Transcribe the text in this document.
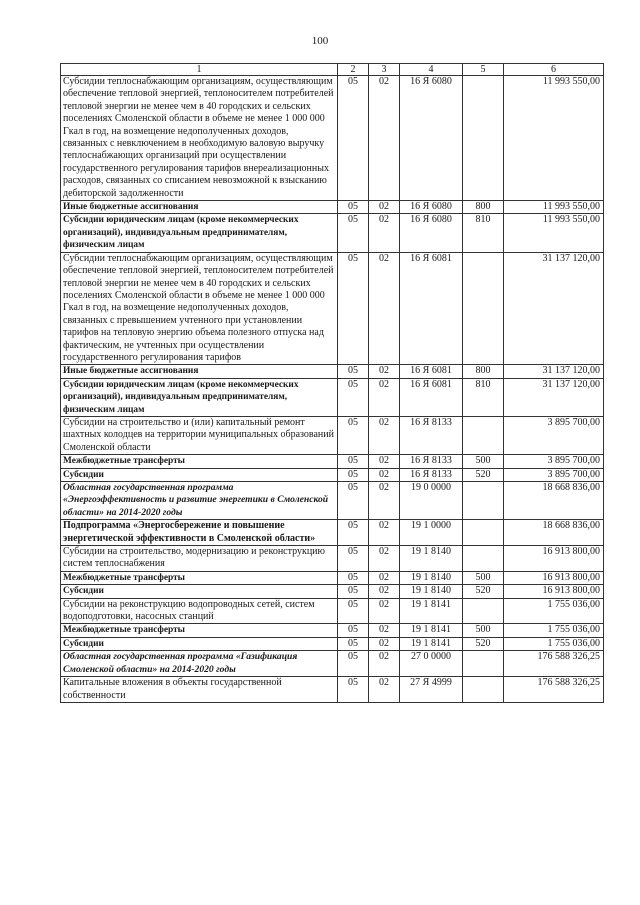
100
1	2	3	4	5	6
Субсидии теплоснабжающим организациям, осуществляющим обеспечение тепловой энергией, теплоносителем потребителей тепловой энергии не менее чем в 40 городских и сельских поселениях Смоленской области в объеме не менее 1 000 000 Гкал в год, на возмещение недополученных доходов, связанных с невключением в необходимую валовую выручку теплоснабжающих организаций при осуществлении государственного регулирования тарифов внереализационных расходов, связанных со списанием невозможной к взысканию дебиторской задолженности	05	02	16 Я 6080		11 993 550,00
Иные бюджетные ассигнования	05	02	16 Я 6080	800	11 993 550,00
Субсидии юридическим лицам (кроме некоммерческих организаций), индивидуальным предпринимателям, физическим лицам	05	02	16 Я 6080	810	11 993 550,00
Субсидии теплоснабжающим организациям, осуществляющим обеспечение тепловой энергией, теплоносителем потребителей тепловой энергии не менее чем в 40 городских и сельских поселениях Смоленской области в объеме не менее 1 000 000 Гкал в год, на возмещение недополученных доходов, связанных с превышением учтенного при установлении тарифов на тепловую энергию объема полезного отпуска над фактическим, не учтенных при осуществлении государственного регулирования тарифов	05	02	16 Я 6081		31 137 120,00
Иные бюджетные ассигнования	05	02	16 Я 6081	800	31 137 120,00
Субсидии юридическим лицам (кроме некоммерческих организаций), индивидуальным предпринимателям, физическим лицам	05	02	16 Я 6081	810	31 137 120,00
Субсидии на строительство и (или) капитальный ремонт шахтных колодцев на территории муниципальных образований Смоленской области	05	02	16 Я 8133		3 895 700,00
Межбюджетные трансферты	05	02	16 Я 8133	500	3 895 700,00
Субсидии	05	02	16 Я 8133	520	3 895 700,00
Областная государственная программа «Энергоэффективность и развитие энергетики в Смоленской области» на 2014-2020 годы	05	02	19 0 0000		18 668 836,00
Подпрограмма «Энергосбережение и повышение энергетической эффективности в Смоленской области»	05	02	19 1 0000		18 668 836,00
Субсидии на строительство, модернизацию и реконструкцию систем теплоснабжения	05	02	19 1 8140		16 913 800,00
Межбюджетные трансферты	05	02	19 1 8140	500	16 913 800,00
Субсидии	05	02	19 1 8140	520	16 913 800,00
Субсидии на реконструкцию водопроводных сетей, систем водоподготовки, насосных станций	05	02	19 1 8141		1 755 036,00
Межбюджетные трансферты	05	02	19 1 8141	500	1 755 036,00
Субсидии	05	02	19 1 8141	520	1 755 036,00
Областная государственная программа «Газификация Смоленской области» на 2014-2020 годы	05	02	27 0 0000		176 588 326,25
Капитальные вложения в объекты государственной собственности	05	02	27 Я 4999		176 588 326,25
